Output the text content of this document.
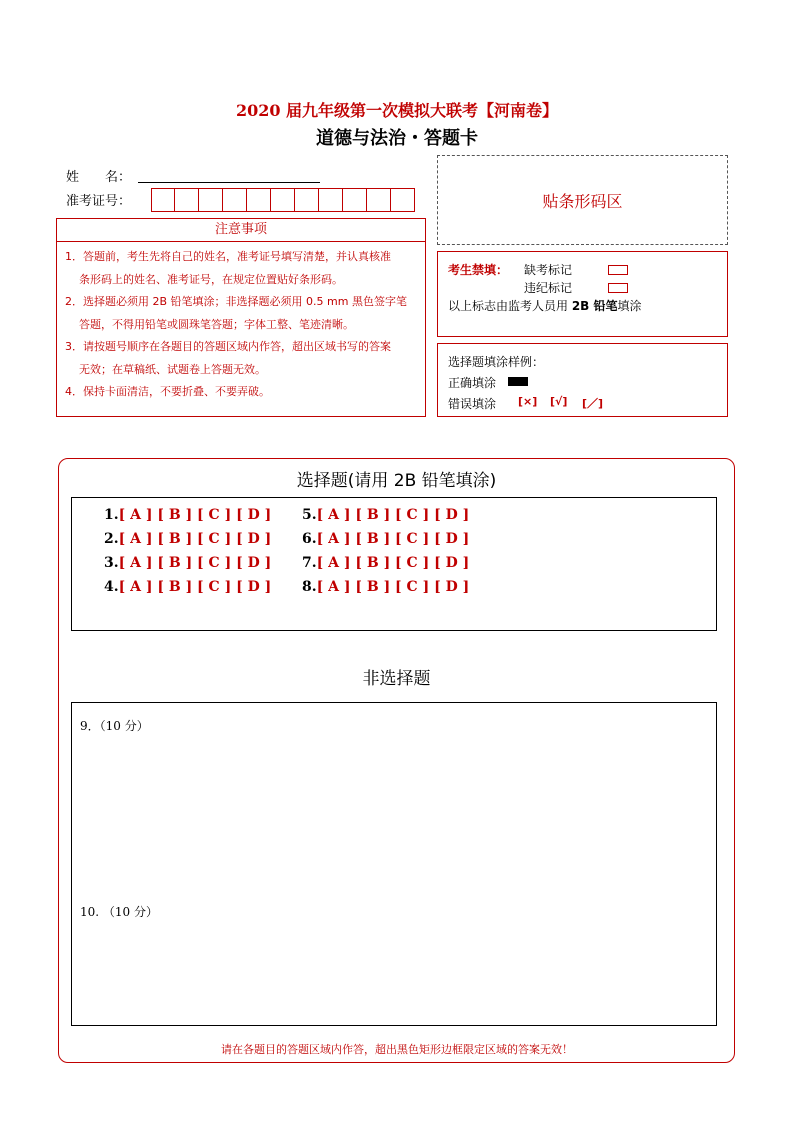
2020 届九年级第一次模拟大联考【河南卷】
道德与法治・答题卡
姓　　名：
准考证号：	贴条形码区
注意事项

1．答题前，考生先将自己的姓名，准考证号填写清楚，并认真核准

条形码上的姓名、准考证号，在规定位置贴好条形码。

2．选择题必须用 2B 铅笔填涂；非选择题必须用 0.5 mm 黑色签字笔

答题，不得用铅笔或圆珠笔答题；字体工整、笔迹清晰。

3．请按题号顺序在各题目的答题区域内作答，超出区域书写的答案

无效；在草稿纸、试题卷上答题无效。

4．保持卡面清洁，不要折叠、不要弄破。

考生禁填： 缺考标记
违纪标记
以上标志由监考人员用 2B 铅笔填涂
选择题填涂样例：
正确填涂
错误填涂 [×] [√] [／]
选择题(请用 2B 铅笔填涂)
1.[ A ] [ B ] [ C ] [ D ]
2.[ A ] [ B ] [ C ] [ D ]
3.[ A ] [ B ] [ C ] [ D ]
4.[ A ] [ B ] [ C ] [ D ]
5.[ A ] [ B ] [ C ] [ D ]
6.[ A ] [ B ] [ C ] [ D ]
7.[ A ] [ B ] [ C ] [ D ]
8.[ A ] [ B ] [ C ] [ D ]
非选择题
9．（10 分）
10. （10 分）
请在各题目的答题区域内作答，超出黑色矩形边框限定区域的答案无效！
